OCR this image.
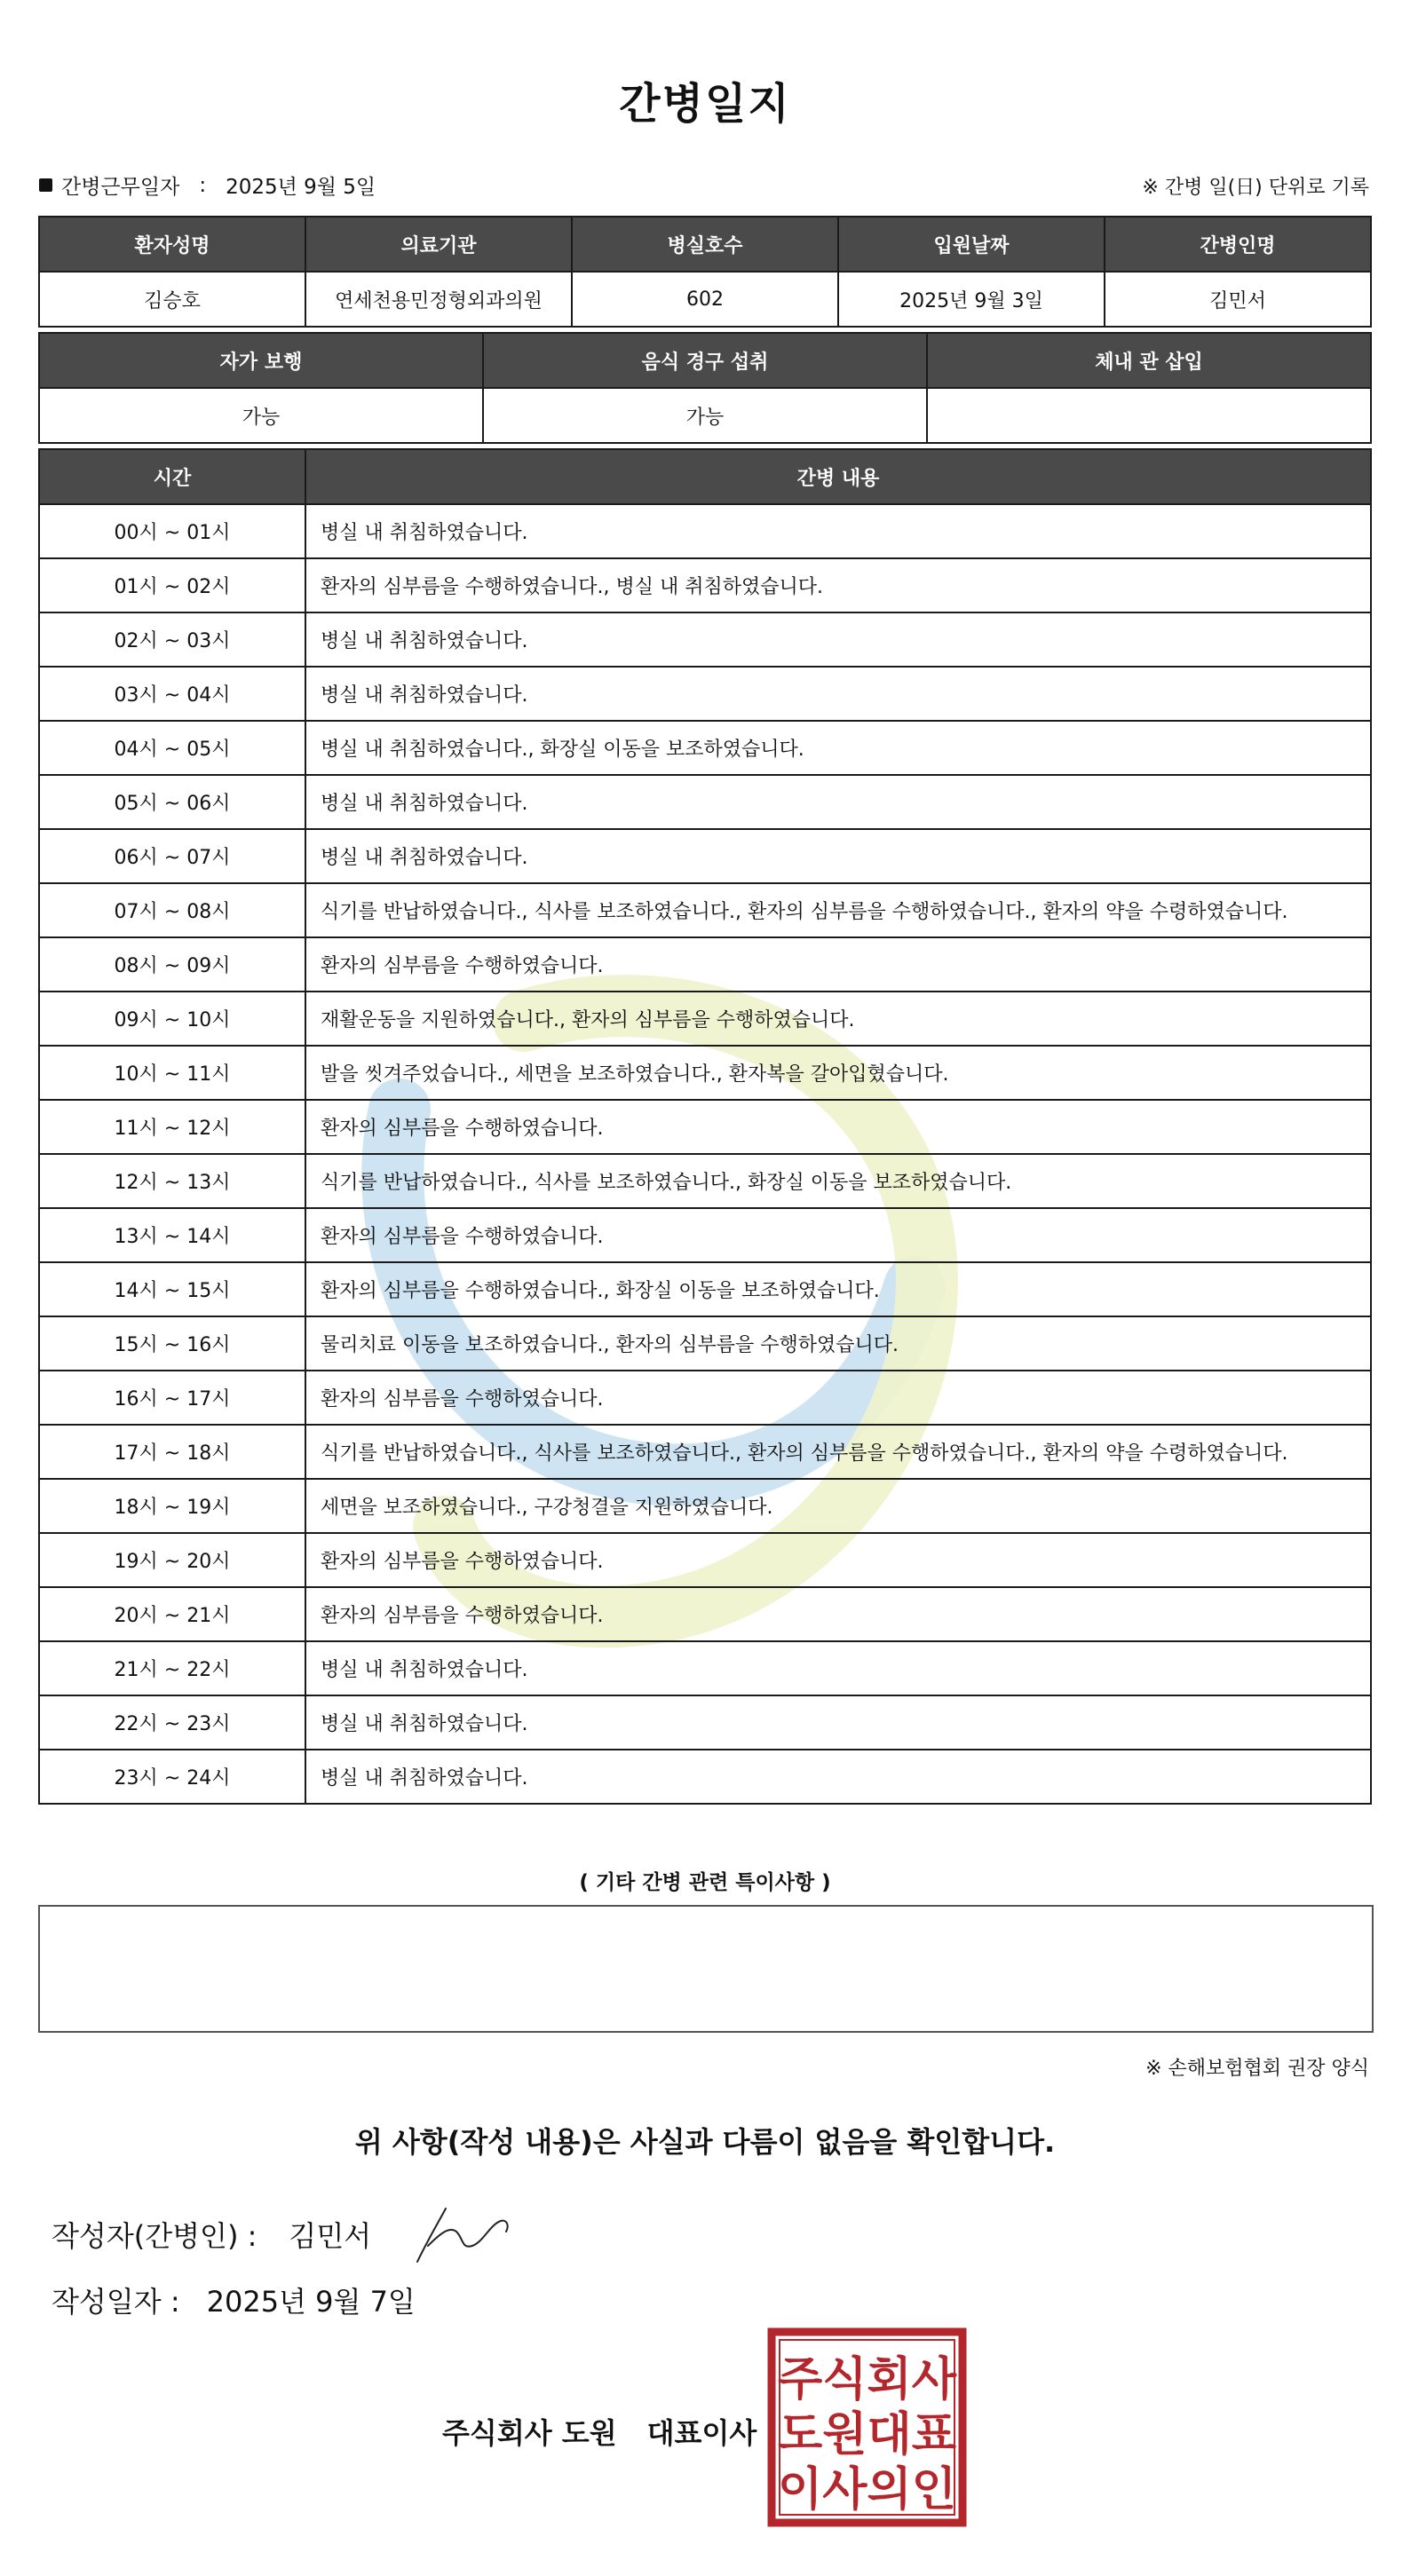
간병일지
간병근무일자 : 2025년 9월 5일	※ 간병 일(日) 단위로 기록
환자성명	의료기관	병실호수	입원날짜	간병인명
김승호	연세천용민정형외과의원	602	2025년 9월 3일	김민서
자가 보행	음식 경구 섭취	체내 관 삽입
가능	가능	
시간	간병 내용
00시 ~ 01시	병실 내 취침하였습니다.
01시 ~ 02시	환자의 심부름을 수행하였습니다., 병실 내 취침하였습니다.
02시 ~ 03시	병실 내 취침하였습니다.
03시 ~ 04시	병실 내 취침하였습니다.
04시 ~ 05시	병실 내 취침하였습니다., 화장실 이동을 보조하였습니다.
05시 ~ 06시	병실 내 취침하였습니다.
06시 ~ 07시	병실 내 취침하였습니다.
07시 ~ 08시	식기를 반납하였습니다., 식사를 보조하였습니다., 환자의 심부름을 수행하였습니다., 환자의 약을 수령하였습니다.
08시 ~ 09시	환자의 심부름을 수행하였습니다.
09시 ~ 10시	재활운동을 지원하였습니다., 환자의 심부름을 수행하였습니다.
10시 ~ 11시	발을 씻겨주었습니다., 세면을 보조하였습니다., 환자복을 갈아입혔습니다.
11시 ~ 12시	환자의 심부름을 수행하였습니다.
12시 ~ 13시	식기를 반납하였습니다., 식사를 보조하였습니다., 화장실 이동을 보조하였습니다.
13시 ~ 14시	환자의 심부름을 수행하였습니다.
14시 ~ 15시	환자의 심부름을 수행하였습니다., 화장실 이동을 보조하였습니다.
15시 ~ 16시	물리치료 이동을 보조하였습니다., 환자의 심부름을 수행하였습니다.
16시 ~ 17시	환자의 심부름을 수행하였습니다.
17시 ~ 18시	식기를 반납하였습니다., 식사를 보조하였습니다., 환자의 심부름을 수행하였습니다., 환자의 약을 수령하였습니다.
18시 ~ 19시	세면을 보조하였습니다., 구강청결을 지원하였습니다.
19시 ~ 20시	환자의 심부름을 수행하였습니다.
20시 ~ 21시	환자의 심부름을 수행하였습니다.
21시 ~ 22시	병실 내 취침하였습니다.
22시 ~ 23시	병실 내 취침하였습니다.
23시 ~ 24시	병실 내 취침하였습니다.
( 기타 간병 관련 특이사항 )
※ 손해보험협회 권장 양식
위 사항(작성 내용)은 사실과 다름이 없음을 확인합니다.
작성자(간병인) : 김민서
작성일자 : 2025년 9월 7일
주식회사 도원 대표이사
주식회사
도원대표
이사의인
